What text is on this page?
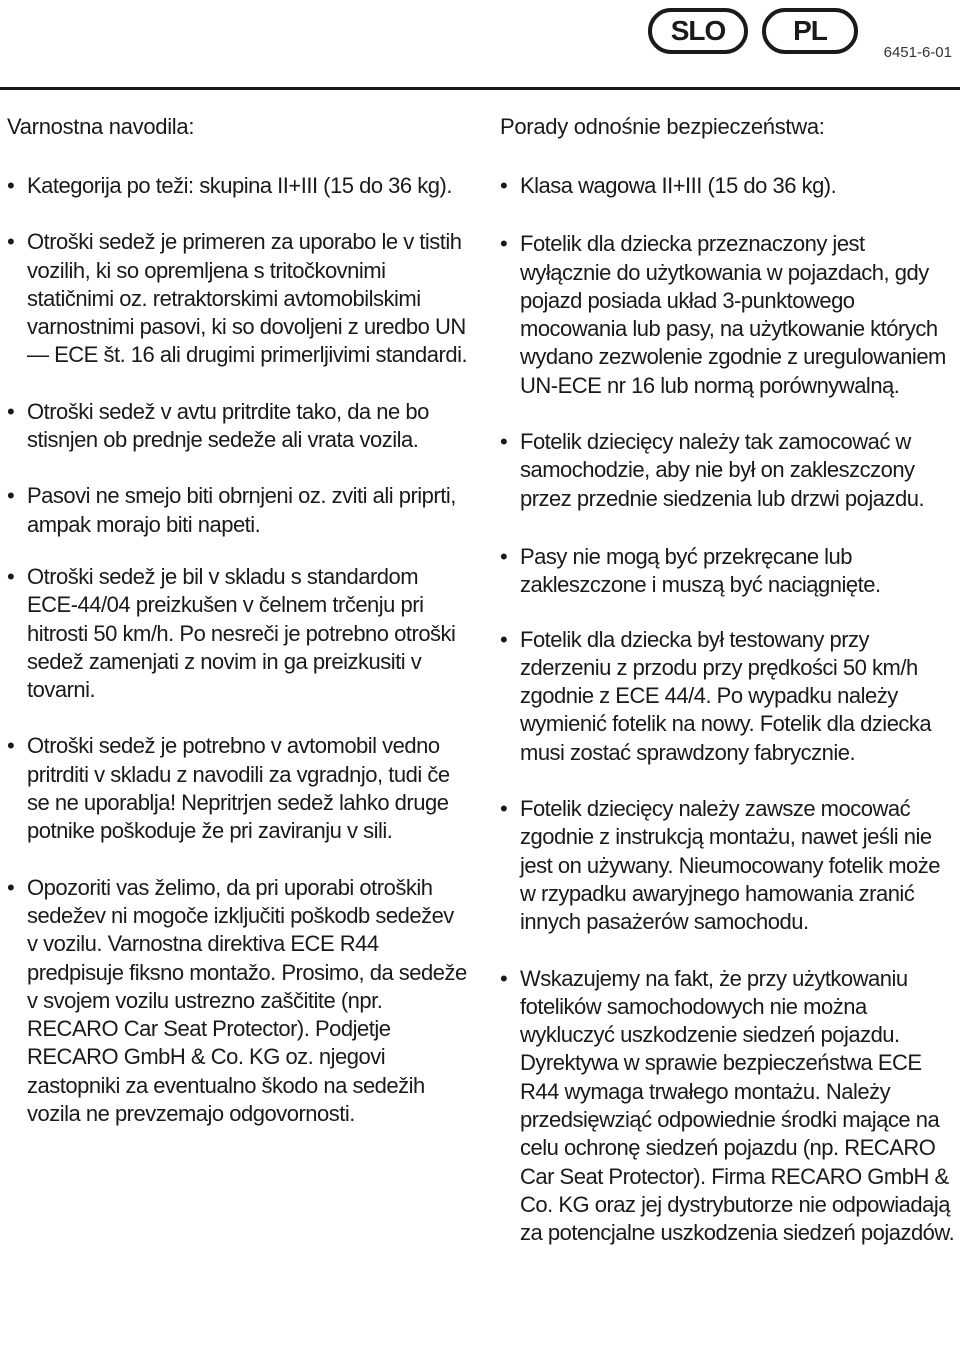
SLO	PL
6451-6-01
Varnostna navodila:
• Kategorija po teži: skupina II+III (15 do 36 kg).
• Otroški sedež je primeren za uporabo le v tistih vozilih, ki so opremljena s tritočkovnimi statičnimi oz. retraktorskimi avtomobilskimi varnostnimi pasovi, ki so dovoljeni z uredbo UN — ECE št. 16 ali drugimi primerljivimi standardi.
• Otroški sedež v avtu pritrdite tako, da ne bo stisnjen ob prednje sedeže ali vrata vozila.
• Pasovi ne smejo biti obrnjeni oz. zviti ali priprti, ampak morajo biti napeti.
• Otroški sedež je bil v skladu s standardom ECE-44/04 preizkušen v čelnem trčenju pri hitrosti 50 km/h. Po nesreči je potrebno otroški sedež zamenjati z novim in ga preizkusiti v tovarni.
• Otroški sedež je potrebno v avtomobil vedno pritrditi v skladu z navodili za vgradnjo, tudi če se ne uporablja! Nepritrjen sedež lahko druge potnike poškoduje že pri zaviranju v sili.
• Opozoriti vas želimo, da pri uporabi otroških sedežev ni mogoče izključiti poškodb sedežev v vozilu. Varnostna direktiva ECE R44 predpisuje fiksno montažo. Prosimo, da sedeže v svojem vozilu ustrezno zaščitite (npr. RECARO Car Seat Protector). Podjetje RECARO GmbH & Co. KG oz. njegovi zastopniki za eventualno škodo na sedežih vozila ne prevzemajo odgovornosti.
Porady odnośnie bezpieczeństwa:
• Klasa wagowa II+III (15 do 36 kg).
• Fotelik dla dziecka przeznaczony jest wyłącznie do użytkowania w pojazdach, gdy pojazd posiada układ 3-punktowego mocowania lub pasy, na użytkowanie których wydano zezwolenie zgodnie z uregulowaniem UN-ECE nr 16 lub normą porównywalną.
• Fotelik dziecięcy należy tak zamocować w samochodzie, aby nie był on zakleszczony przez przednie siedzenia lub drzwi pojazdu.
• Pasy nie mogą być przekręcane lub zakleszczone i muszą być naciągnięte.
• Fotelik dla dziecka był testowany przy zderzeniu z przodu przy prędkości 50 km/h zgodnie z ECE 44/4. Po wypadku należy wymienić fotelik na nowy. Fotelik dla dziecka musi zostać sprawdzony fabrycznie.
• Fotelik dziecięcy należy zawsze mocować zgodnie z instrukcją montażu, nawet jeśli nie jest on używany. Nieumocowany fotelik może w rzypadku awaryjnego hamowania zranić innych pasażerów samochodu.
• Wskazujemy na fakt, że przy użytkowaniu fotelików samochodowych nie można wykluczyć uszkodzenie siedzeń pojazdu. Dyrektywa w sprawie bezpieczeństwa ECE R44 wymaga trwałego montażu. Należy przedsięwziąć odpowiednie środki mające na celu ochronę siedzeń pojazdu (np. RECARO Car Seat Protector). Firma RECARO GmbH & Co. KG oraz jej dystrybutorze nie odpowiadają za potencjalne uszkodzenia siedzeń pojazdów.
